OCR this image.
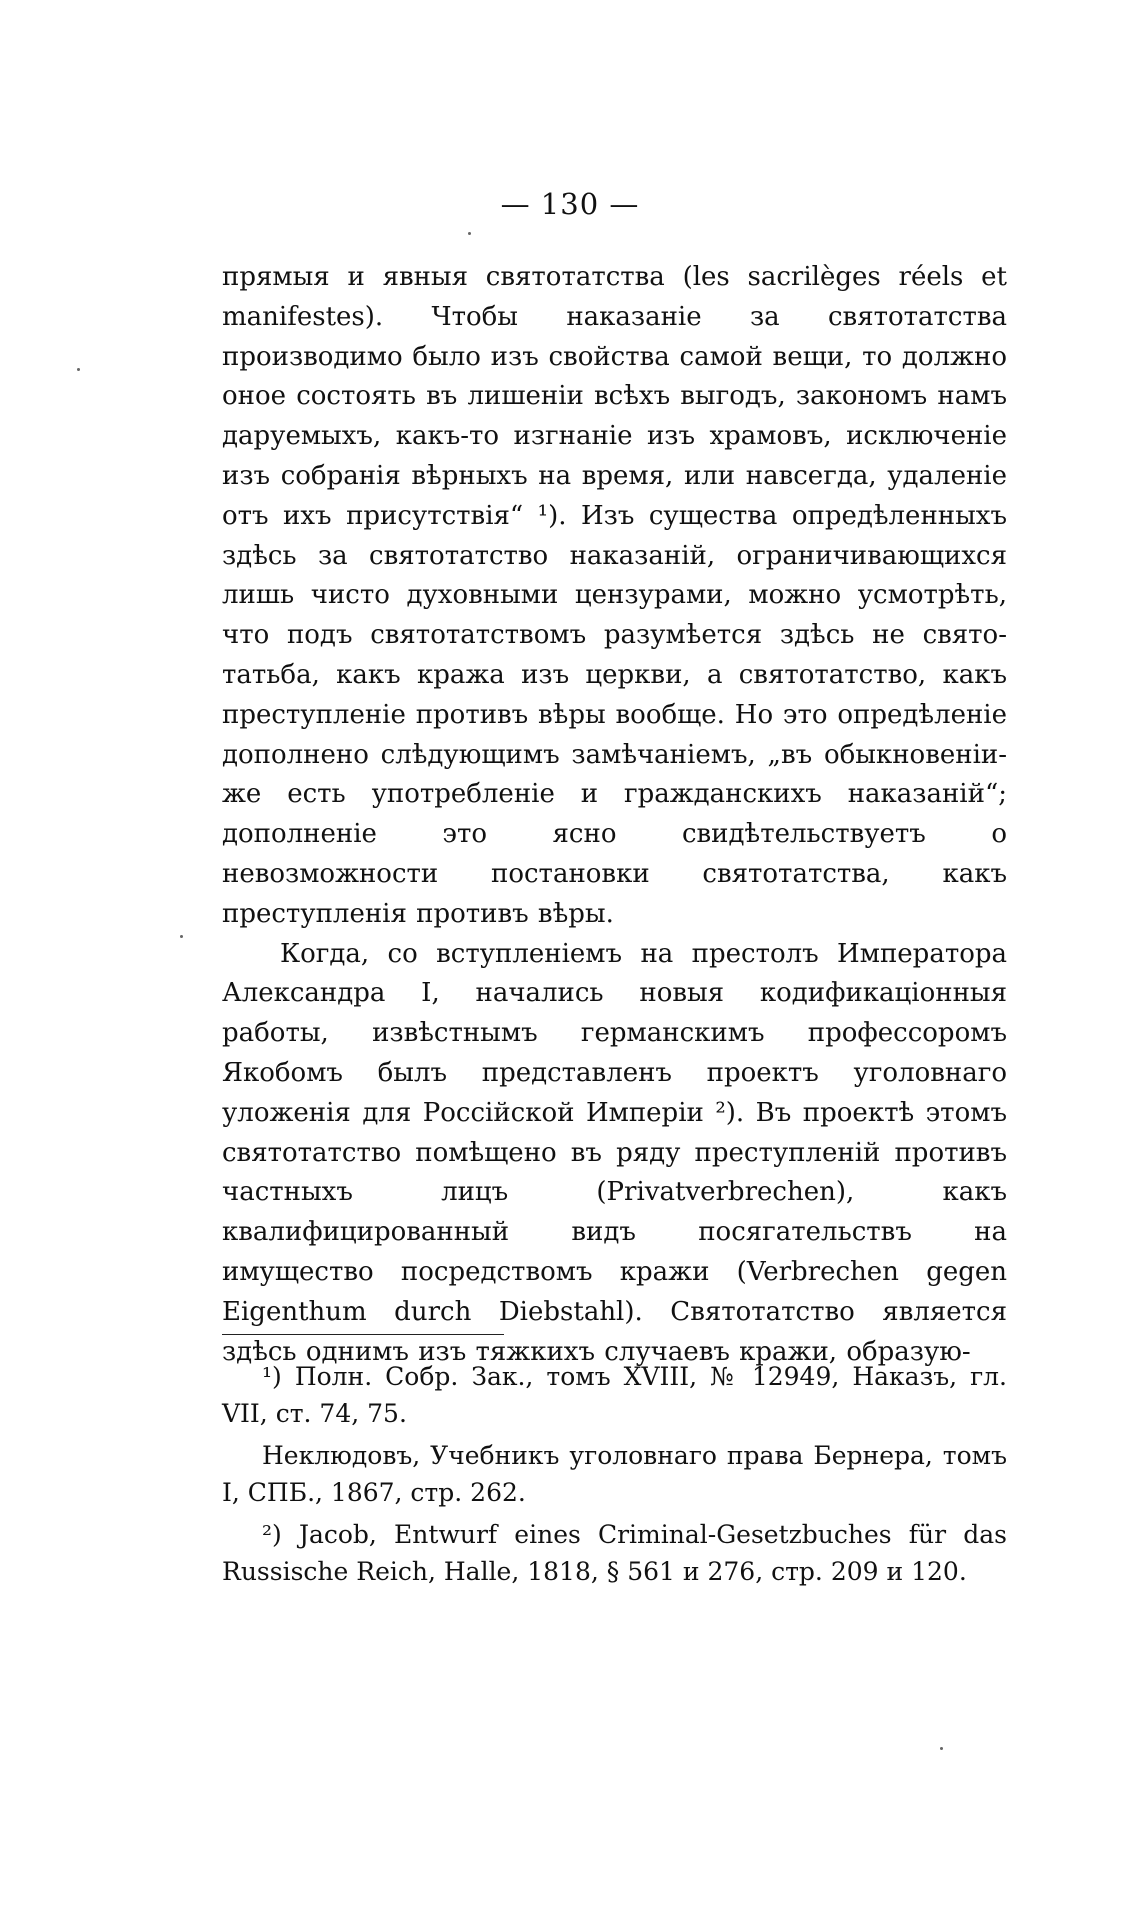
— 130 —

прямыя и явныя святотатства (les sacrilèges réels et manifestes). Чтобы наказаніе за святотатства производимо было изъ свойства самой вещи, то должно оное состоять въ лишеніи всѣхъ выгодъ, закономъ намъ даруемыхъ, какъ-то изгнаніе изъ храмовъ, исключеніе изъ собранія вѣрныхъ на время, или навсегда, удаленіе отъ ихъ присутствія“ ¹). Изъ существа опредѣленныхъ здѣсь за святотатство наказаній, ограничивающихся лишь чисто духовными цензурами, можно усмотрѣть, что подъ святотатствомъ разумѣется здѣсь не свято-татьба, какъ кража изъ церкви, а святотатство, какъ преступленіе противъ вѣры вообще. Но это опредѣленіе дополнено слѣдующимъ замѣчаніемъ, „въ обыкновеніи-же есть употребленіе и гражданскихъ наказаній“; дополненіе это ясно свидѣтельствуетъ о невозможности постановки святотатства, какъ преступленія противъ вѣры.

Когда, со вступленіемъ на престолъ Императора Александра I, начались новыя кодификаціонныя работы, извѣстнымъ германскимъ профессоромъ Якобомъ былъ представленъ проектъ уголовнаго уложенія для Россійской Имперіи ²). Въ проектѣ этомъ святотатство помѣщено въ ряду преступленій противъ частныхъ лицъ (Privatverbrechen), какъ квалифицированный видъ посягательствъ на имущество посредствомъ кражи (Verbrechen gegen Eigenthum durch Diebstahl). Святотатство является здѣсь однимъ изъ тяжкихъ случаевъ кражи, образую-

¹) Полн. Собр. Зак., томъ XVIII, № 12949, Наказъ, гл. VII, ст. 74, 75.

Неклюдовъ, Учебникъ уголовнаго права Бернера, томъ I, СПБ., 1867, стр. 262.

²) Jacob, Entwurf eines Criminal-Gesetzbuches für das Russische Reich, Halle, 1818, § 561 и 276, стр. 209 и 120.
